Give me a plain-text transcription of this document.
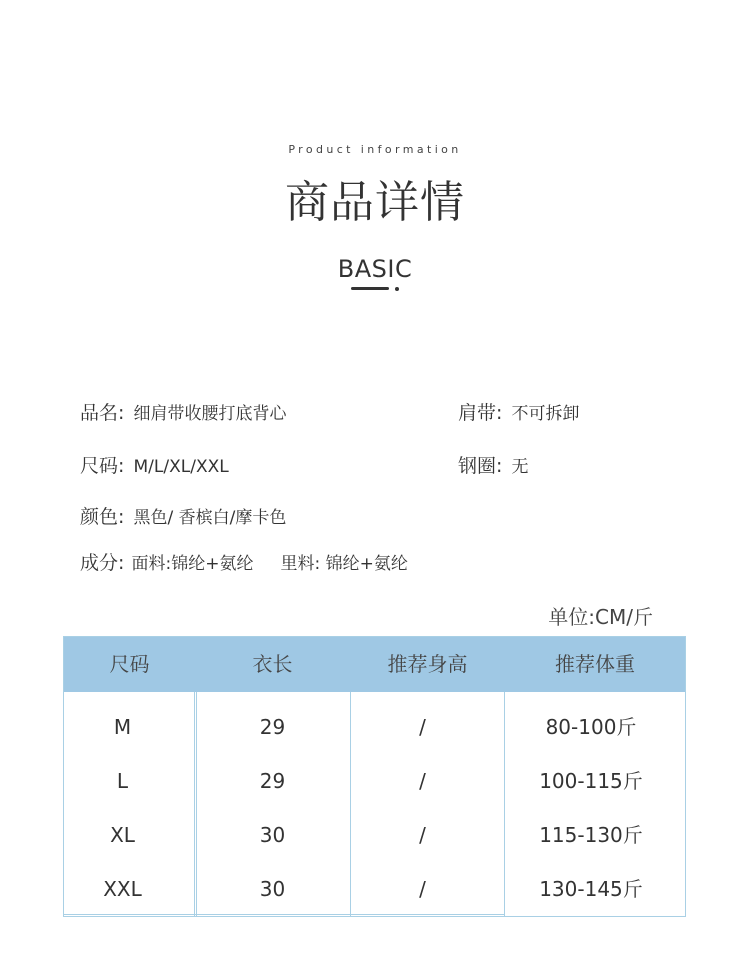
Product information
商品详情
BASIC
品名: 细肩带收腰打底背心	肩带: 不可拆卸
尺码: M/L/XL/XXL	钢圈: 无
颜色: 黑色/ 香槟白/摩卡色
成分: 面料:锦纶+氨纶     里料: 锦纶+氨纶
单位:CM/斤
尺码	衣长	推荐身高	推荐体重
M	29	/	80-100斤
L	29	/	100-115斤
XL	30	/	115-130斤
XXL	30	/	130-145斤
